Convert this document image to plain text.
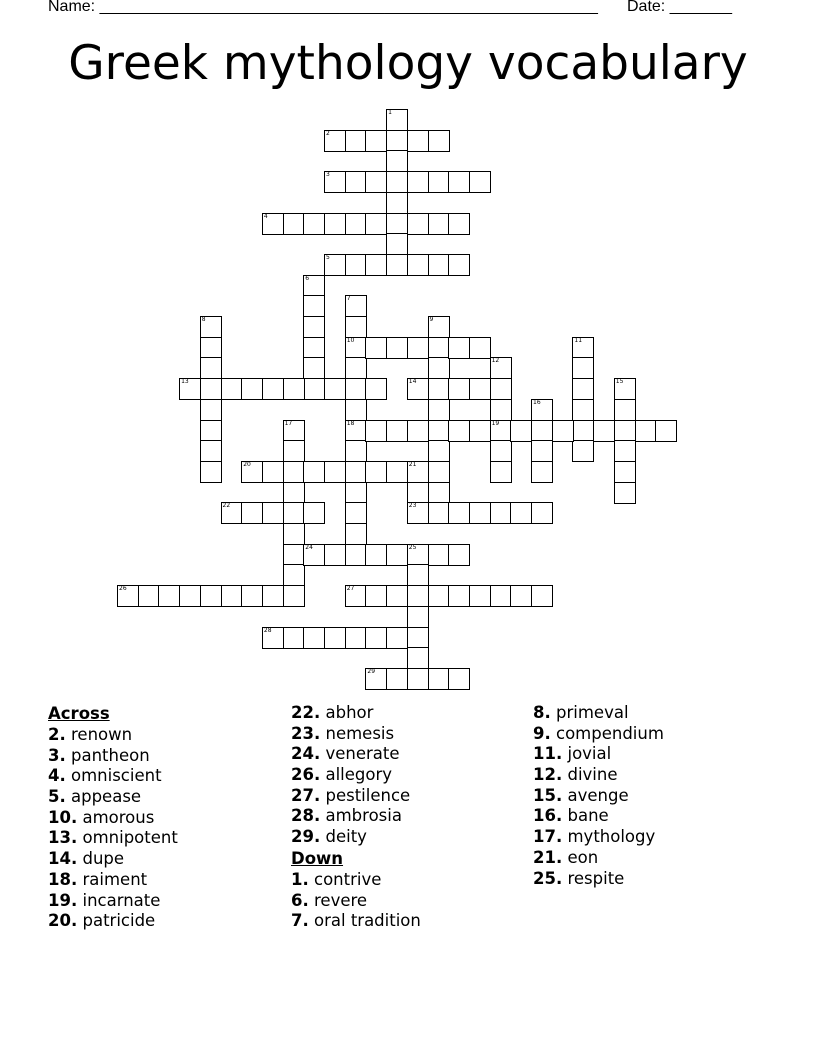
Name: ________________________________________________________ Date: _______
Greek mythology vocabulary
1
2
3
4
5
6
7
10
18
8	9
11
12
19
13	14	15
16
17
20	21
23
22
24	25
26	27
28
29
Across
2. renown
3. pantheon
4. omniscient
5. appease
10. amorous
13. omnipotent
14. dupe
18. raiment
19. incarnate
20. patricide
22. abhor
23. nemesis
24. venerate
26. allegory
27. pestilence
28. ambrosia
29. deity
Down
1. contrive
6. revere
7. oral tradition
8. primeval
9. compendium
11. jovial
12. divine
15. avenge
16. bane
17. mythology
21. eon
25. respite
